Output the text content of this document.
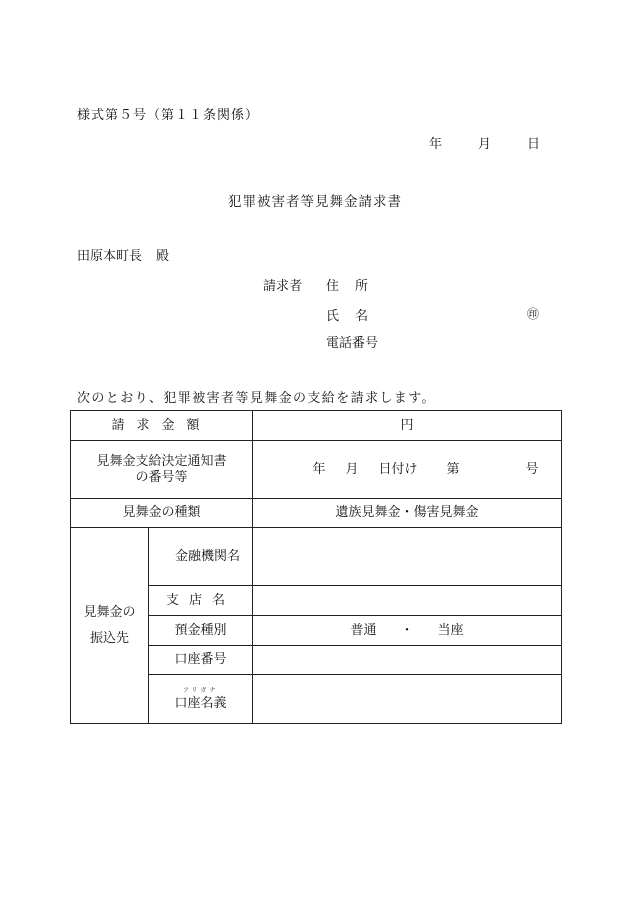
様式第５号（第１１条関係）
年	月	日
犯罪被害者等見舞金請求書
田原本町長 殿
請求者 住所
氏名	㊞
電話番号
次のとおり、犯罪被害者等見舞金の支給を請求します。
請求金額		円

見舞金支給決定通知書
の番号等		年 月 日付け 第 号
見舞金の種類		遺族見舞金・傷害見舞金

見舞金の
振込先	金融機関名	
	支店名	
	預金種別	普通 ・ 当座
	口座番号	

	フリガナ
口座名義	
